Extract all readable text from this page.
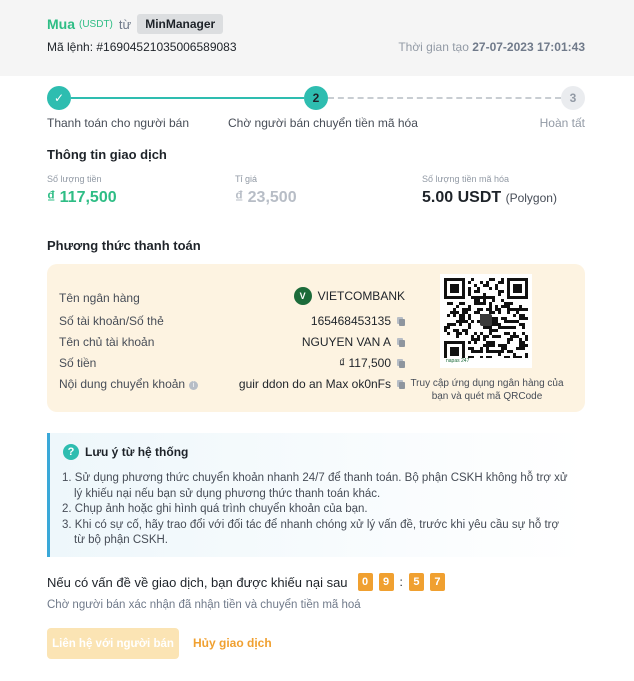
Mua (USDT) từ	MinManager
Mã lệnh: #16904521035006589083	Thời gian tạo 27-07-2023 17:01:43
✓	2	3
Thanh toán cho người bán	Chờ người bán chuyển tiền mã hóa	Hoàn tất
Thông tin giao dịch
Số lượng tiền
₫ 117,500
Tỉ giá
₫ 23,500
Số lượng tiền mã hóa
5.00 USDT (Polygon)
Phương thức thanh toán
Tên ngân hàng	V	VIETCOMBANK
Số tài khoản/Số thẻ	165468453135
Tên chủ tài khoản	NGUYEN VAN A
Số tiền	₫ 117,500
Nội dung chuyển khoản i	guir ddon do an Max ok0nFs
napas 247
Truy cập ứng dụng ngân hàng của bạn và quét mã QRCode
? Lưu ý từ hệ thống
1. Sử dụng phương thức chuyển khoản nhanh 24/7 để thanh toán. Bộ phận CSKH không hỗ trợ xử lý khiếu nại nếu bạn sử dụng phương thức thanh toán khác.
2. Chụp ảnh hoặc ghi hình quá trình chuyển khoản của bạn.
3. Khi có sự cố, hãy trao đổi với đối tác để nhanh chóng xử lý vấn đề, trước khi yêu cầu sự hỗ trợ từ bộ phận CSKH.
Nếu có vấn đề về giao dịch, bạn được khiếu nại sau	0	9 : 5	7
Chờ người bán xác nhận đã nhận tiền và chuyển tiền mã hoá
Liên hệ với người bán	Hủy giao dịch
